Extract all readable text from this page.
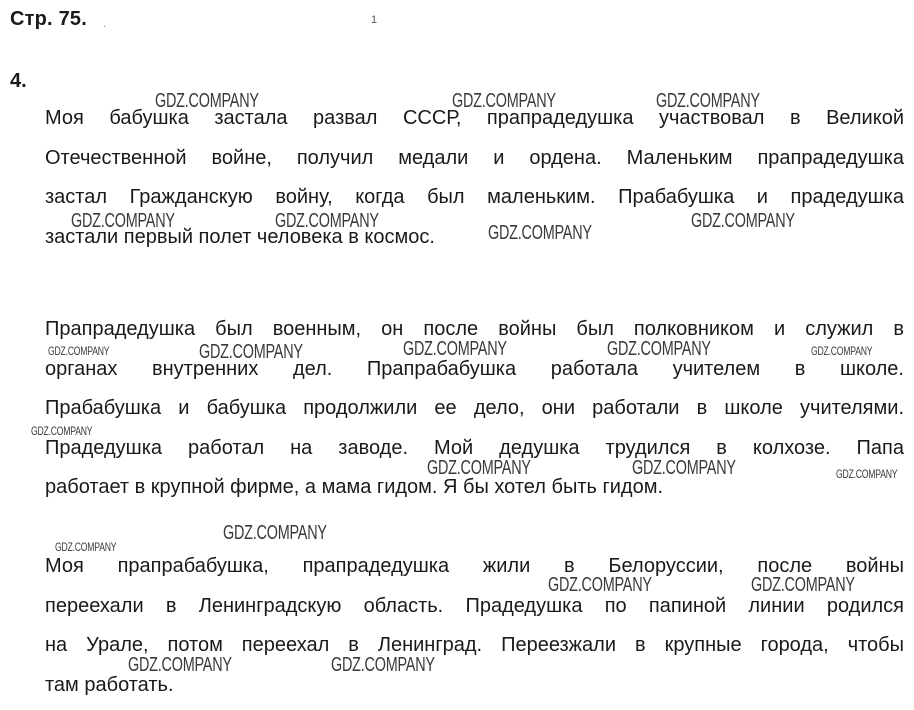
Стр. 75. .	1
4.
Моя бабушка застала развал СССР, прапрадедушка участвовал в Великой
Отечественной войне, получил медали и ордена. Маленьким прапрадедушка
застал Гражданскую войну, когда был маленьким. Прабабушка и прадедушка
застали первый полет человека в космос.
Прапрадедушка был военным, он после войны был полковником и служил в
органах внутренних дел. Прапрабабушка работала учителем в школе.
Прабабушка и бабушка продолжили ее дело, они работали в школе учителями.
Прадедушка работал на заводе. Мой дедушка трудился в колхозе. Папа
работает в крупной фирме, а мама гидом. Я бы хотел быть гидом.
Моя прапрабабушка, прапрадедушка жили в Белоруссии, после войны
переехали в Ленинградскую область. Прадедушка по папиной линии родился
на Урале, потом переехал в Ленинград. Переезжали в крупные города, чтобы
там работать.
GDZ.COMPANY	GDZ.COMPANY	GDZ.COMPANY
GDZ.COMPANY	GDZ.COMPANY
GDZ.COMPANY
GDZ.COMPANY
GDZ.COMPANY	GDZ.COMPANY	GDZ.COMPANY	GDZ.COMPANY	GDZ.COMPANY
GDZ.COMPANY
GDZ.COMPANY	GDZ.COMPANY	GDZ.COMPANY
GDZ.COMPANY
GDZ.COMPANY
GDZ.COMPANY	GDZ.COMPANY
GDZ.COMPANY	GDZ.COMPANY
